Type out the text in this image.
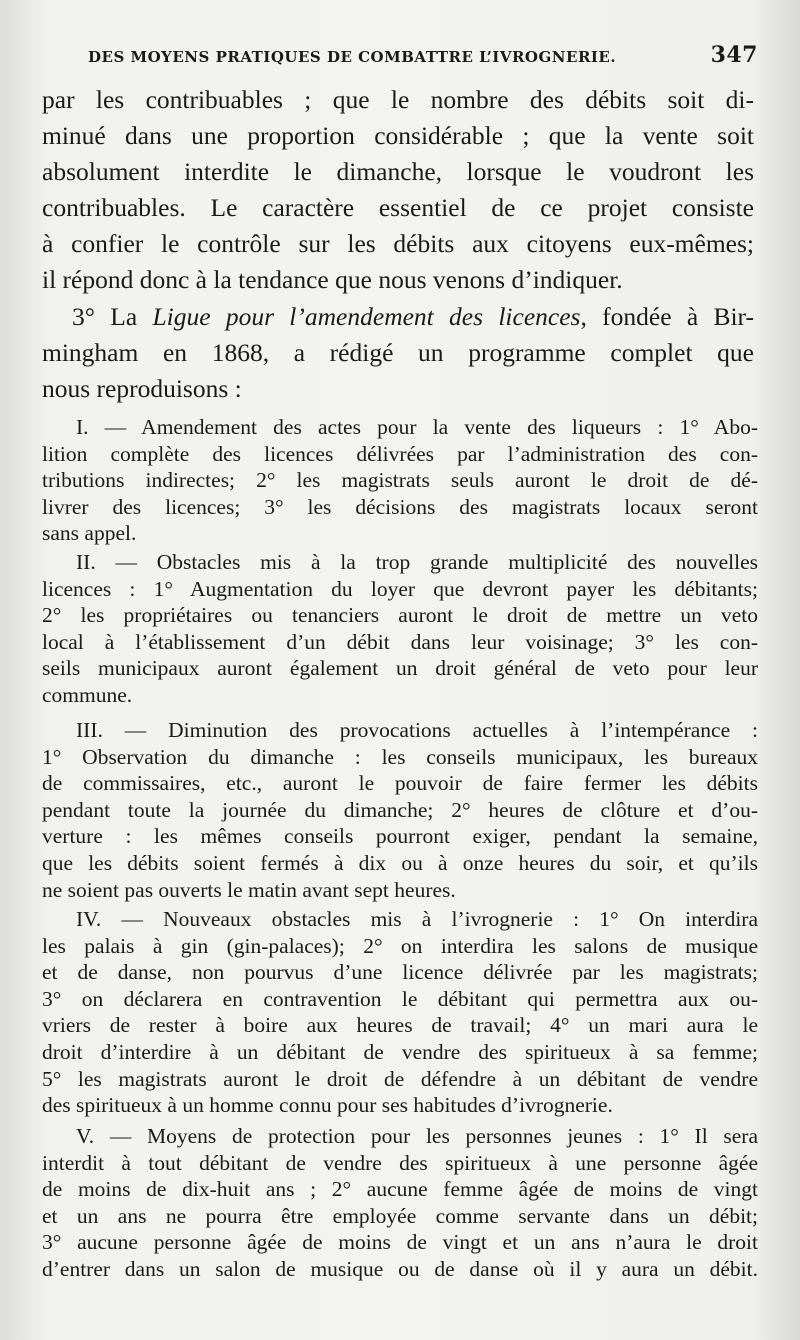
DES MOYENS PRATIQUES DE COMBATTRE L’IVROGNERIE.	347
par les contribuables ; que le nombre des débits soit di-
minué dans une proportion considérable ; que la vente soit
absolument interdite le dimanche, lorsque le voudront les
contribuables. Le caractère essentiel de ce projet consiste
à confier le contrôle sur les débits aux citoyens eux-mêmes;
il répond donc à la tendance que nous venons d’indiquer.
3° La Ligue pour l’amendement des licences, fondée à Bir-
mingham en 1868, a rédigé un programme complet que
nous reproduisons :
I. — Amendement des actes pour la vente des liqueurs : 1° Abo-
lition complète des licences délivrées par l’administration des con-
tributions indirectes; 2° les magistrats seuls auront le droit de dé-
livrer des licences; 3° les décisions des magistrats locaux seront
sans appel.
II. — Obstacles mis à la trop grande multiplicité des nouvelles
licences : 1° Augmentation du loyer que devront payer les débitants;
2° les propriétaires ou tenanciers auront le droit de mettre un veto
local à l’établissement d’un débit dans leur voisinage; 3° les con-
seils municipaux auront également un droit général de veto pour leur
commune.
III. — Diminution des provocations actuelles à l’intempérance :
1° Observation du dimanche : les conseils municipaux, les bureaux
de commissaires, etc., auront le pouvoir de faire fermer les débits
pendant toute la journée du dimanche; 2° heures de clôture et d’ou-
verture : les mêmes conseils pourront exiger, pendant la semaine,
que les débits soient fermés à dix ou à onze heures du soir, et qu’ils
ne soient pas ouverts le matin avant sept heures.
IV. — Nouveaux obstacles mis à l’ivrognerie : 1° On interdira
les palais à gin (gin-palaces); 2° on interdira les salons de musique
et de danse, non pourvus d’une licence délivrée par les magistrats;
3° on déclarera en contravention le débitant qui permettra aux ou-
vriers de rester à boire aux heures de travail; 4° un mari aura le
droit d’interdire à un débitant de vendre des spiritueux à sa femme;
5° les magistrats auront le droit de défendre à un débitant de vendre
des spiritueux à un homme connu pour ses habitudes d’ivrognerie.
V. — Moyens de protection pour les personnes jeunes : 1° Il sera
interdit à tout débitant de vendre des spiritueux à une personne âgée
de moins de dix-huit ans ; 2° aucune femme âgée de moins de vingt
et un ans ne pourra être employée comme servante dans un débit;
3° aucune personne âgée de moins de vingt et un ans n’aura le droit
d’entrer dans un salon de musique ou de danse où il y aura un débit.
